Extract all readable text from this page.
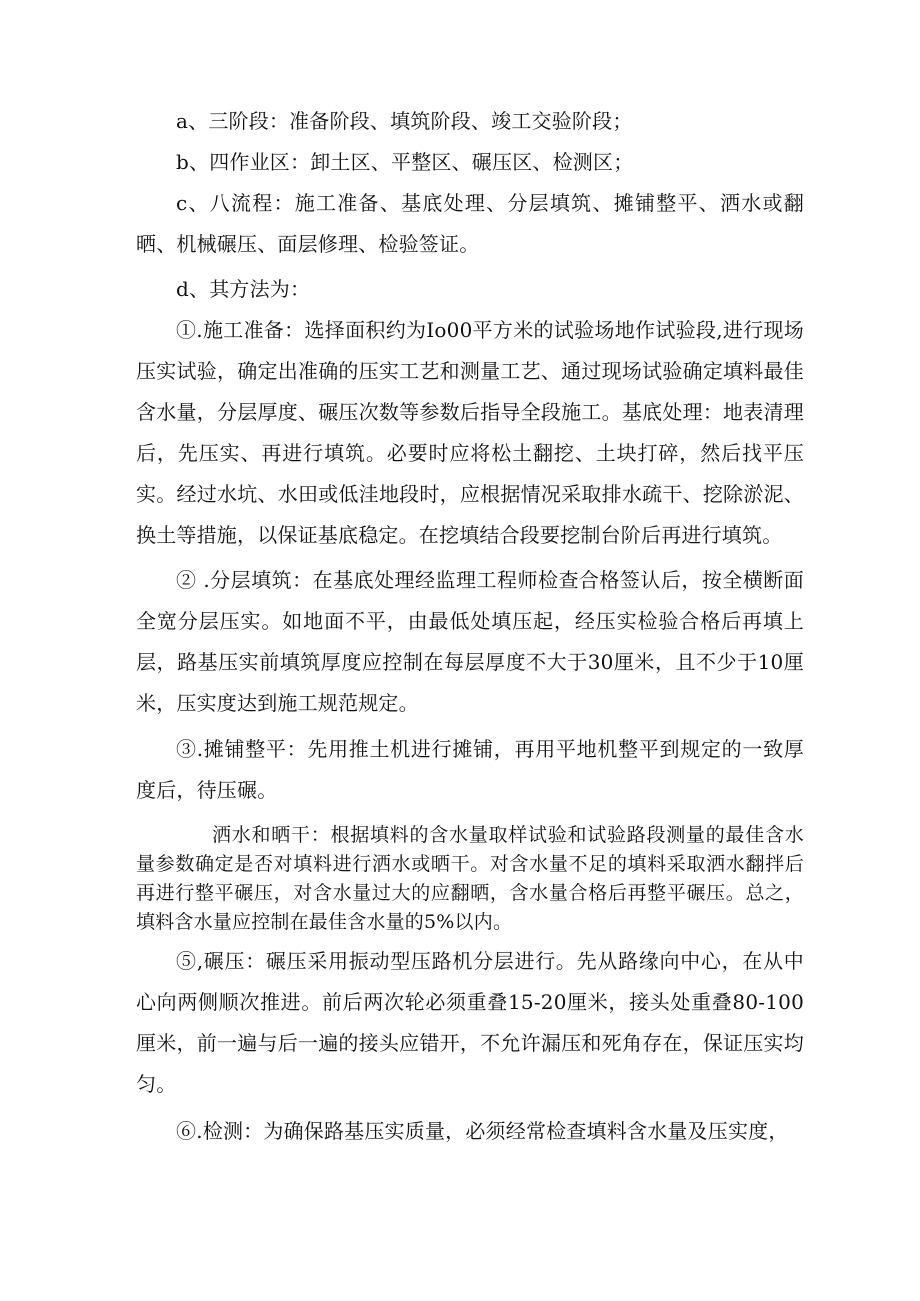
a、三阶段：准备阶段、填筑阶段、竣工交验阶段；

b、四作业区：卸土区、平整区、碾压区、检测区；

c、八流程：施工准备、基底处理、分层填筑、摊铺整平、洒水或翻晒、机械碾压、面层修理、检验签证。

d、其方法为：

①.施工准备：选择面积约为Io00平方米的试验场地作试验段,进行现场压实试验，确定出准确的压实工艺和测量工艺、通过现场试验确定填料最佳含水量，分层厚度、碾压次数等参数后指导全段施工。基底处理：地表清理后，先压实、再进行填筑。必要时应将松土翻挖、土块打碎，然后找平压实。经过水坑、水田或低洼地段时，应根据情况采取排水疏干、挖除淤泥、换土等措施，以保证基底稳定。在挖填结合段要挖制台阶后再进行填筑。

② .分层填筑：在基底处理经监理工程师检查合格签认后，按全横断面全宽分层压实。如地面不平，由最低处填压起，经压实检验合格后再填上层，路基压实前填筑厚度应控制在每层厚度不大于30厘米，且不少于10厘米，压实度达到施工规范规定。

③.摊铺整平：先用推土机进行摊铺，再用平地机整平到规定的一致厚度后，待压碾。

洒水和晒干：根据填料的含水量取样试验和试验路段测量的最佳含水量参数确定是否对填料进行洒水或晒干。对含水量不足的填料采取洒水翻拌后再进行整平碾压，对含水量过大的应翻晒，含水量合格后再整平碾压。总之，填料含水量应控制在最佳含水量的5%以内。

⑤,碾压：碾压采用振动型压路机分层进行。先从路缘向中心，在从中心向两侧顺次推进。前后两次轮必须重叠15-20厘米，接头处重叠80-100厘米，前一遍与后一遍的接头应错开，不允许漏压和死角存在，保证压实均匀。

⑥.检测：为确保路基压实质量，必须经常检查填料含水量及压实度，
